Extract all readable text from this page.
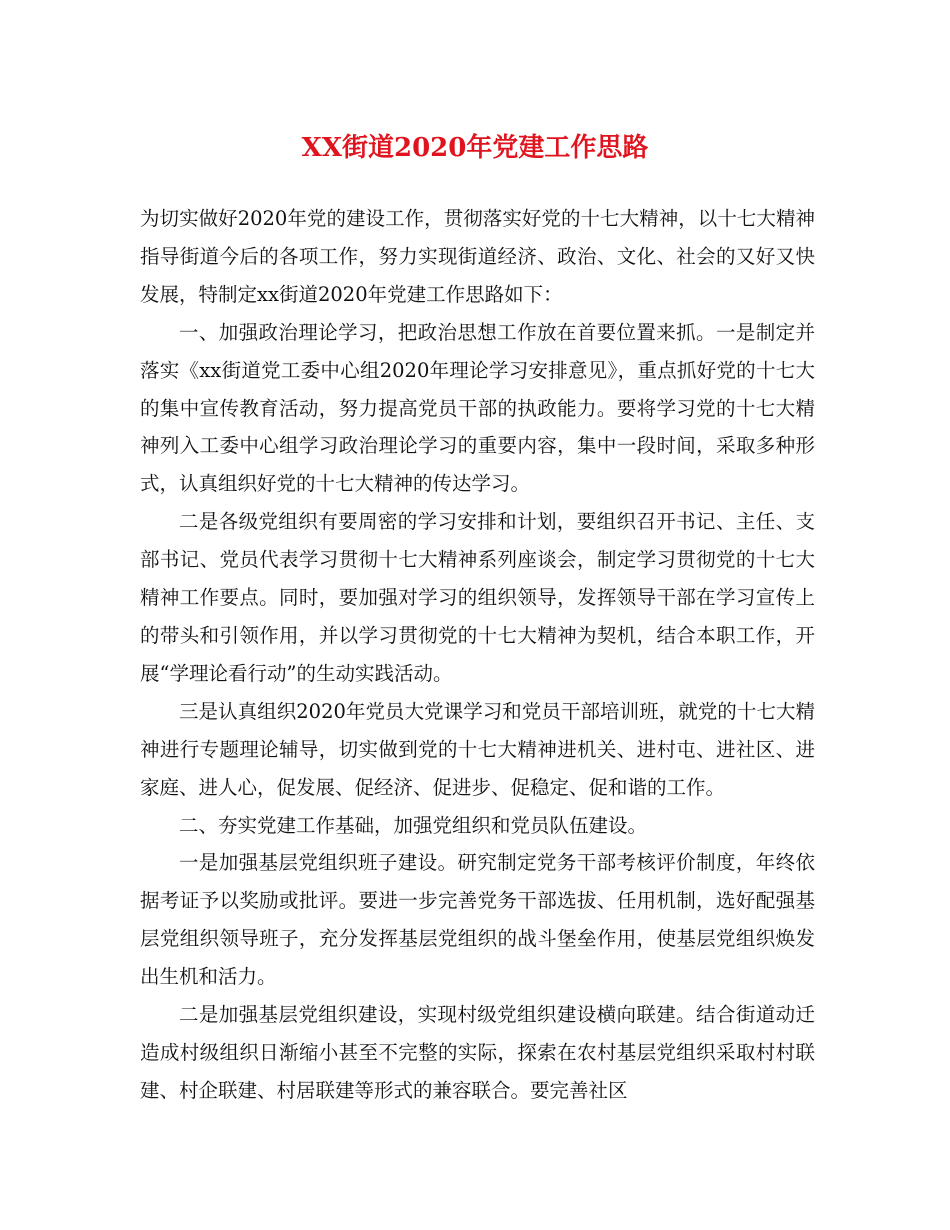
XX街道2020年党建工作思路

为切实做好2020年党的建设工作，贯彻落实好党的十七大精神，以十七大精神指导街道今后的各项工作，努力实现街道经济、政治、文化、社会的又好又快发展，特制定xx街道2020年党建工作思路如下：

一、加强政治理论学习，把政治思想工作放在首要位置来抓。一是制定并落实《xx街道党工委中心组2020年理论学习安排意见》，重点抓好党的十七大的集中宣传教育活动，努力提高党员干部的执政能力。要将学习党的十七大精神列入工委中心组学习政治理论学习的重要内容，集中一段时间，采取多种形式，认真组织好党的十七大精神的传达学习。

二是各级党组织有要周密的学习安排和计划，要组织召开书记、主任、支部书记、党员代表学习贯彻十七大精神系列座谈会，制定学习贯彻党的十七大精神工作要点。同时，要加强对学习的组织领导，发挥领导干部在学习宣传上的带头和引领作用，并以学习贯彻党的十七大精神为契机，结合本职工作，开展“学理论看行动”的生动实践活动。

三是认真组织2020年党员大党课学习和党员干部培训班，就党的十七大精神进行专题理论辅导，切实做到党的十七大精神进机关、进村屯、进社区、进家庭、进人心，促发展、促经济、促进步、促稳定、促和谐的工作。

二、夯实党建工作基础，加强党组织和党员队伍建设。

一是加强基层党组织班子建设。研究制定党务干部考核评价制度，年终依据考证予以奖励或批评。要进一步完善党务干部选拔、任用机制，选好配强基层党组织领导班子，充分发挥基层党组织的战斗堡垒作用，使基层党组织焕发出生机和活力。

二是加强基层党组织建设，实现村级党组织建设横向联建。结合街道动迁造成村级组织日渐缩小甚至不完整的实际，探索在农村基层党组织采取村村联建、村企联建、村居联建等形式的兼容联合。要完善社区
